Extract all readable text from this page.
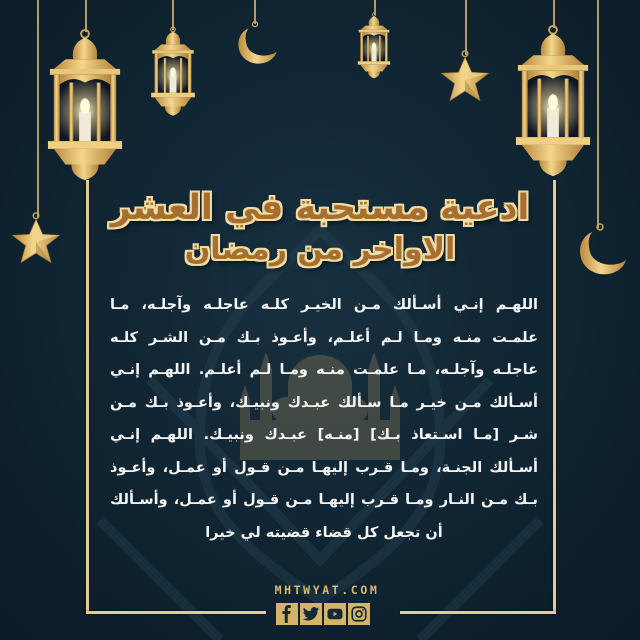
ادعية مستحبة في العشر
الاواخر من رمضان
اللهـم إنـي أسـألك مـن الخيـر كلـه عاجلـه وآجلـه، مـا
علمـت منـه ومـا لـم أعلـم، وأعـوذ بـك مـن الشـر كلـه
عاجلـه وآجلـه، مـا علمـت منـه ومـا لـم أعلـم. اللهـم إنـي
أسـألك مـن خيـر مـا سـألك عبـدك ونبيـك، وأعـوذ بـك مـن
شـر [مـا اسـتعاذ بـك] [منـه] عبـدك ونبيـك. اللهـم إنـي
أسـألك الجنـة، ومـا قـرب إليهـا مـن قـول أو عمـل، وأعـوذ
بـك مـن النـار ومـا قـرب إليهـا مـن قـول أو عمـل، وأسـألك
أن تجعل كل قضاء قضيته لي خيرا
MHTWYAT.COM
